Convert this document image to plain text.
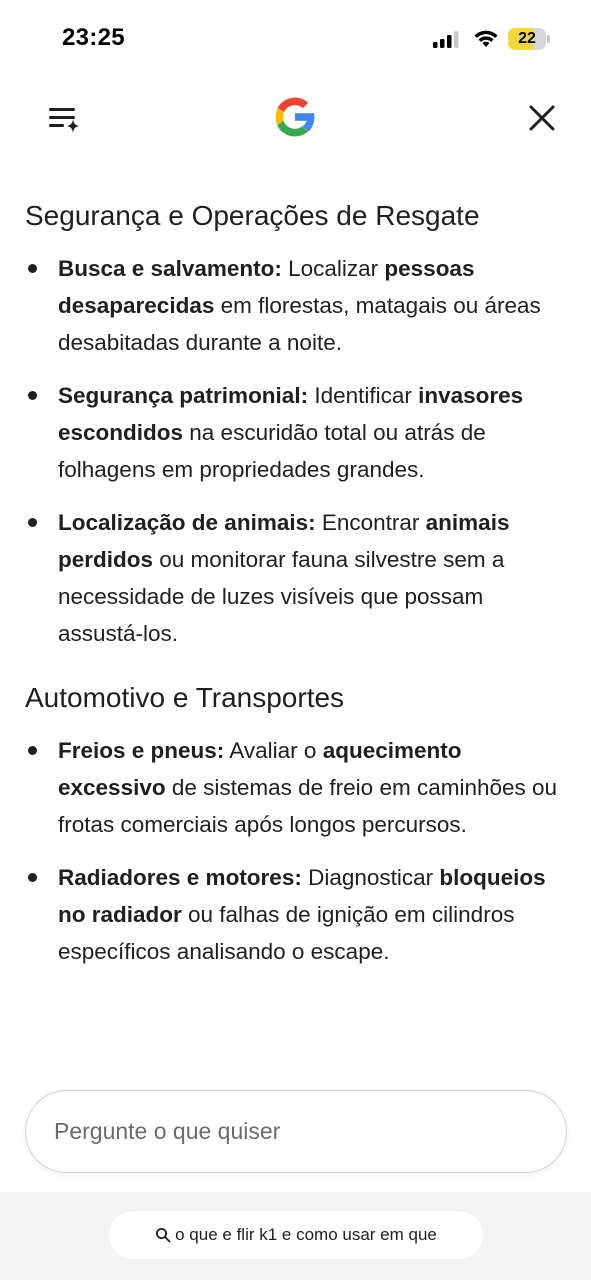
23:25	22
Segurança e Operações de Resgate
Busca e salvamento: Localizar pessoas desaparecidas em florestas, matagais ou áreas desabitadas durante a noite.
Segurança patrimonial: Identificar invasores escondidos na escuridão total ou atrás de folhagens em propriedades grandes.
Localização de animais: Encontrar animais perdidos ou monitorar fauna silvestre sem a necessidade de luzes visíveis que possam assustá-los.
Automotivo e Transportes
Freios e pneus: Avaliar o aquecimento excessivo de sistemas de freio em caminhões ou frotas comerciais após longos percursos.
Radiadores e motores: Diagnosticar bloqueios no radiador ou falhas de ignição em cilindros específicos analisando o escape.
Pergunte o que quiser
o que e flir k1 e como usar em que
